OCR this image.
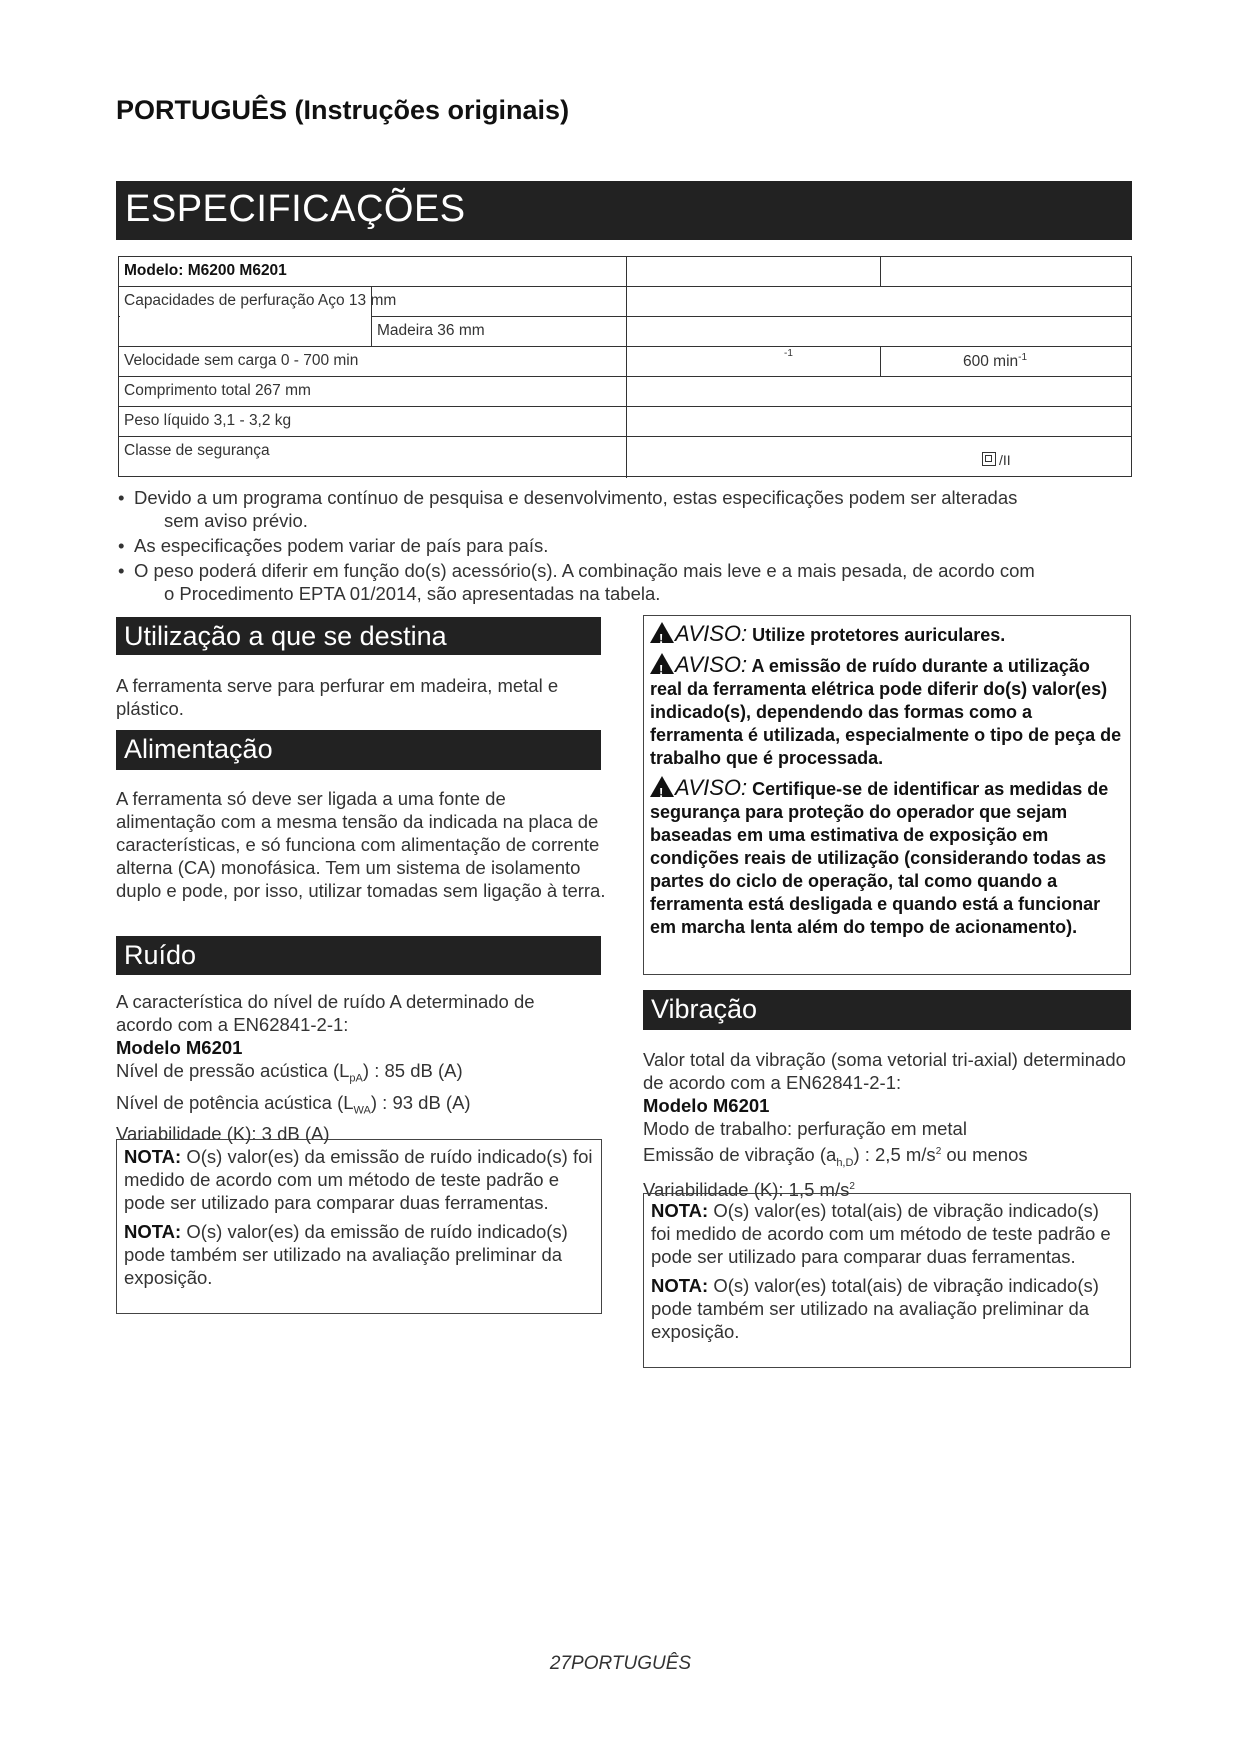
PORTUGUÊS (Instruções originais)
ESPECIFICAÇÕES
Modelo: M6200 M6201
Capacidades de perfuração Aço 13 mm
Madeira 36 mm
Velocidade sem carga 0 - 700 min	-1	600 $\min^{-1}$
Comprimento total 267 mm
Peso líquido 3,1 - 3,2 kg
Classe de segurança
/II
• Devido a um programa contínuo de pesquisa e desenvolvimento, estas especificações podem ser alteradas
sem aviso prévio.
• As especificações podem variar de país para país.
• O peso poderá diferir em função do(s) acessório(s). A combinação mais leve e a mais pesada, de acordo com
o Procedimento EPTA 01/2014, são apresentadas na tabela.
Utilização a que se destina
A ferramenta serve para perfurar em madeira, metal e plástico.
Alimentação
A ferramenta só deve ser ligada a uma fonte de alimentação com a mesma tensão da indicada na placa de características, e só funciona com alimentação de corrente alterna (CA) monofásica. Tem um sistema de isolamento duplo e pode, por isso, utilizar tomadas sem ligação à terra.
Ruído

A característica do nível de ruído A determinado de acordo com a EN62841-2-1:

Modelo M6201

Nível de pressão acústica $(L_{pA})$ : 85 dB (A)

Nível de potência acústica $(L_{WA})$ : 93 dB (A)

Variabilidade (K): 3 dB (A)

NOTA: O(s) valor(es) da emissão de ruído indicado(s) foi medido de acordo com um método de teste padrão e pode ser utilizado para comparar duas ferramentas.

NOTA: O(s) valor(es) da emissão de ruído indicado(s) pode também ser utilizado na avaliação preliminar da exposição.

!AVISO: Utilize protetores auriculares.

!AVISO: A emissão de ruído durante a utilização real da ferramenta elétrica pode diferir do(s) valor(es) indicado(s), dependendo das formas como a ferramenta é utilizada, especialmente o tipo de peça de trabalho que é processada.

!AVISO: Certifique-se de identificar as medidas de segurança para proteção do operador que sejam baseadas em uma estimativa de exposição em condições reais de utilização (considerando todas as partes do ciclo de operação, tal como quando a ferramenta está desligada e quando está a funcionar em marcha lenta além do tempo de acionamento).

Vibração

Valor total da vibração (soma vetorial tri-axial) determinado de acordo com a EN62841-2-1:

Modelo M6201

Modo de trabalho: perfuração em metal

Emissão de vibração $(a_{h,D})$ : 2,5 $m/s^2$ ou menos

Variabilidade (K): 1,5 $m/s^2$

NOTA: O(s) valor(es) total(ais) de vibração indicado(s) foi medido de acordo com um método de teste padrão e pode ser utilizado para comparar duas ferramentas.

NOTA: O(s) valor(es) total(ais) de vibração indicado(s) pode também ser utilizado na avaliação preliminar da exposição.

27PORTUGUÊS
